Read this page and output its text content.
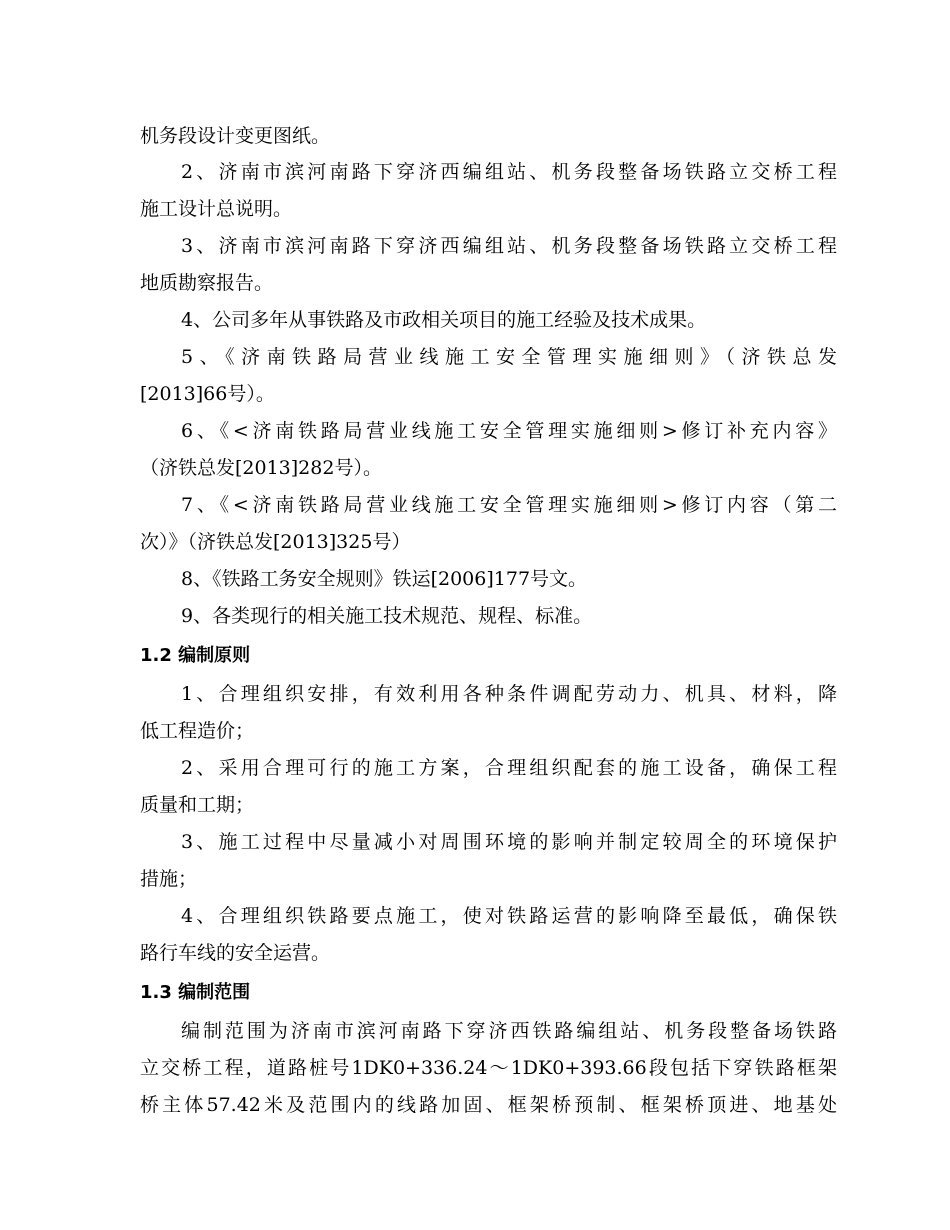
机务段设计变更图纸。
2、济南市滨河南路下穿济西编组站、机务段整备场铁路立交桥工程
施工设计总说明。
3、济南市滨河南路下穿济西编组站、机务段整备场铁路立交桥工程
地质勘察报告。
4、公司多年从事铁路及市政相关项目的施工经验及技术成果。
5、《济南铁路局营业线施工安全管理实施细则》（济铁总发
[2013]66号）。
6、《<济南铁路局营业线施工安全管理实施细则>修订补充内容》
（济铁总发[2013]282号）。
7、《<济南铁路局营业线施工安全管理实施细则>修订内容（第二
次）》（济铁总发[2013]325号）
8、《铁路工务安全规则》铁运[2006]177号文。
9、各类现行的相关施工技术规范、规程、标准。
1.2 编制原则
1、合理组织安排，有效利用各种条件调配劳动力、机具、材料，降
低工程造价；
2、采用合理可行的施工方案，合理组织配套的施工设备，确保工程
质量和工期；
3、施工过程中尽量减小对周围环境的影响并制定较周全的环境保护
措施；
4、合理组织铁路要点施工，使对铁路运营的影响降至最低，确保铁
路行车线的安全运营。
1.3 编制范围
编制范围为济南市滨河南路下穿济西铁路编组站、机务段整备场铁路
立交桥工程，道路桩号1DK0+336.24～1DK0+393.66段包括下穿铁路框架
桥主体57.42米及范围内的线路加固、框架桥预制、框架桥顶进、地基处
